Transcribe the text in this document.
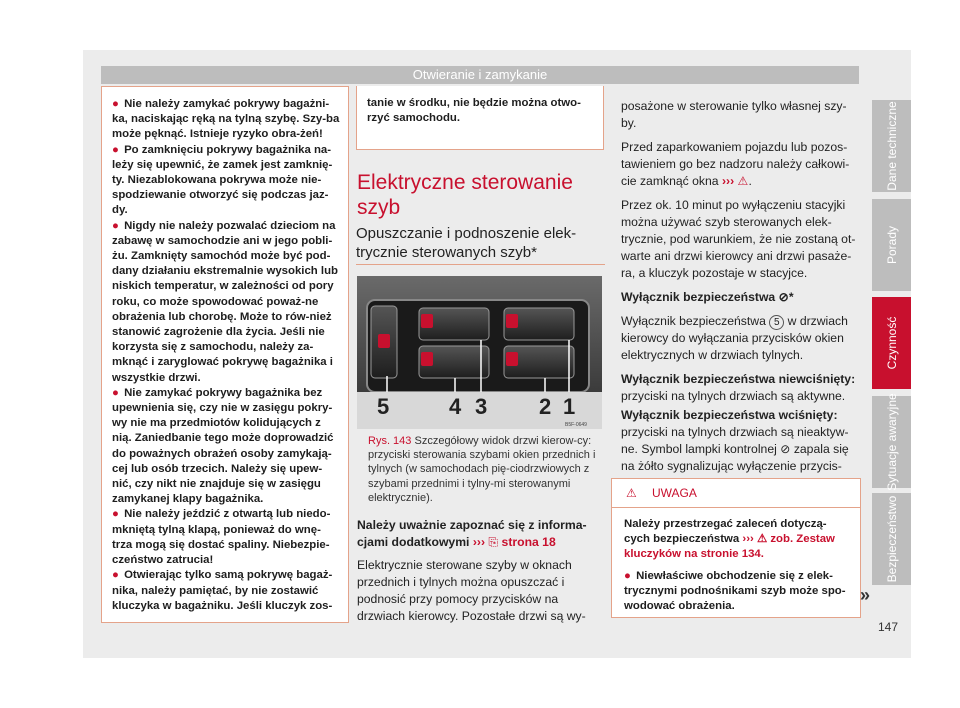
Otwieranie i zamykanie

● Nie należy zamykać pokrywy bagażni-ka, naciskając ręką na tylną szybę. Szy-ba może pęknąć. Istnieje ryzyko obra-żeń!

● Po zamknięciu pokrywy bagażnika na-leży się upewnić, że zamek jest zamknię-ty. Niezablokowana pokrywa może nie-spodziewanie otworzyć się podczas jaz-dy.

● Nigdy nie należy pozwalać dzieciom na zabawę w samochodzie ani w jego pobli-żu. Zamknięty samochód może być pod-dany działaniu ekstremalnie wysokich lub niskich temperatur, w zależności od pory roku, co może spowodować poważ-ne obrażenia lub chorobę. Może to rów-nież stanowić zagrożenie dla życia. Jeśli nie korzysta się z samochodu, należy za-mknąć i zaryglować pokrywę bagażnika i wszystkie drzwi.

● Nie zamykać pokrywy bagażnika bez upewnienia się, czy nie w zasięgu pokry-wy nie ma przedmiotów kolidujących z nią. Zaniedbanie tego może doprowadzić do poważnych obrażeń osoby zamykają-cej lub osób trzecich. Należy się upew-nić, czy nikt nie znajduje się w zasięgu zamykanej klapy bagażnika.

● Nie należy jeździć z otwartą lub niedo-mkniętą tylną klapą, ponieważ do wnę-trza mogą się dostać spaliny. Niebezpie-czeństwo zatrucia!

● Otwierając tylko samą pokrywę bagaż-nika, należy pamiętać, by nie zostawić kluczyka w bagażniku. Jeśli kluczyk zos-

tanie w środku, nie będzie można otwo-rzyć samochodu.

Elektryczne sterowanie szyb
Opuszczanie i podnoszenie elek-trycznie sterowanych szyb*
5	4 3 2 1
B5F-0649
Rys. 143 Szczegółowy widok drzwi kierow-cy: przyciski sterowania szybami okien przednich i tylnych (w samochodach pię-ciodrzwiowych z szybami przednimi i tylny-mi sterowanymi elektrycznie).

Należy uważnie zapoznać się z informa-cjami dodatkowymi ››› ⎘ strona 18

Elektrycznie sterowane szyby w oknach przednich i tylnych można opuszczać i podnosić przy pomocy przycisków na drzwiach kierowcy. Pozostałe drzwi są wy-

posażone w sterowanie tylko własnej szy-by.

Przed zaparkowaniem pojazdu lub pozos-tawieniem go bez nadzoru należy całkowi-cie zamknąć okna ››› ⚠.

Przez ok. 10 minut po wyłączeniu stacyjki można używać szyb sterowanych elek-trycznie, pod warunkiem, że nie zostaną ot-warte ani drzwi kierowcy ani drzwi pasaże-ra, a kluczyk pozostaje w stacyjce.

Wyłącznik bezpieczeństwa ⊘*

Wyłącznik bezpieczeństwa 5 w drzwiach kierowcy do wyłączania przycisków okien elektrycznych w drzwiach tylnych.

Wyłącznik bezpieczeństwa niewciśnięty:
przyciski na tylnych drzwiach są aktywne.

Wyłącznik bezpieczeństwa wciśnięty:
przyciski na tylnych drzwiach są nieaktyw-ne. Symbol lampki kontrolnej ⊘ zapala się na żółto sygnalizując wyłączenie przycis-

⚠ UWAGA

Należy przestrzegać zaleceń dotyczą-cych bezpieczeństwa ››› ⚠ zob. Zestaw kluczyków na stronie 134.

● Niewłaściwe obchodzenie się z elek-trycznymi podnośnikami szyb może spo-wodować obrażenia.

»
Dane techniczne
Porady
Czynność
Sytuacje awaryjne
Bezpieczeństwo
147
